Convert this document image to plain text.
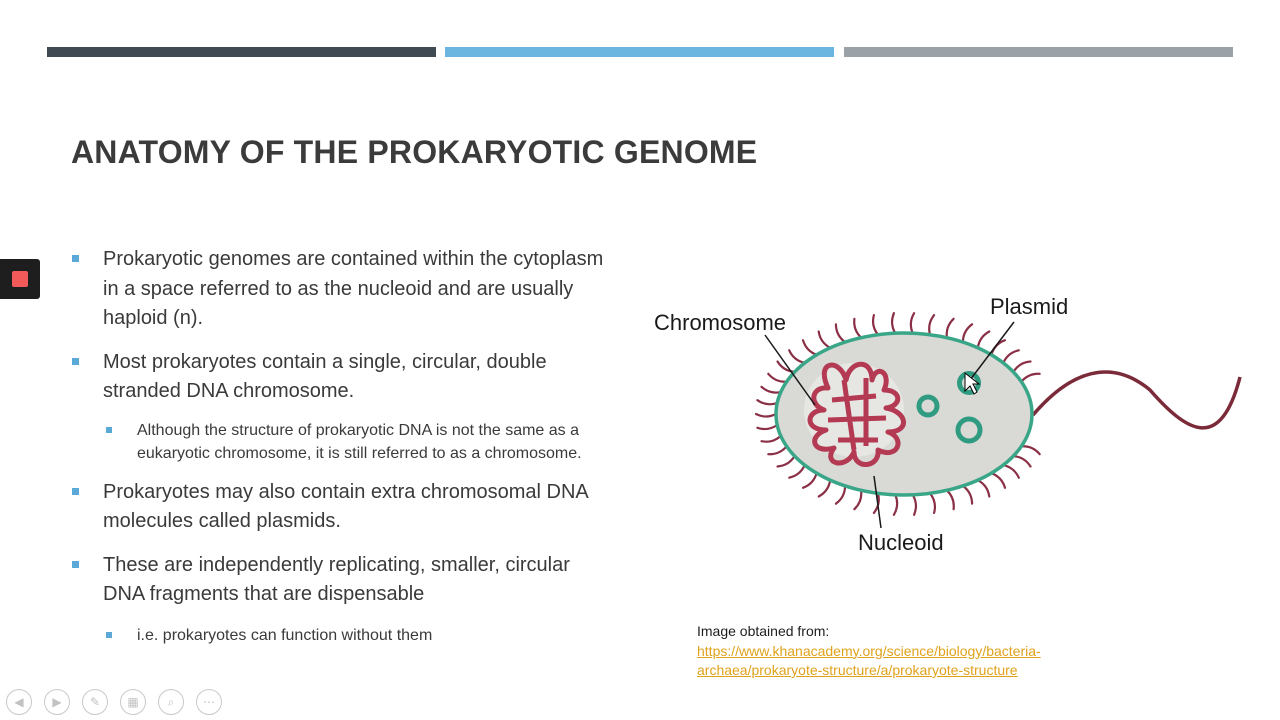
ANATOMY OF THE PROKARYOTIC GENOME
Prokaryotic genomes are contained within the cytoplasm in a space referred to as the nucleoid and are usually haploid (n).
Most prokaryotes contain a single, circular, double stranded DNA chromosome.
Although the structure of prokaryotic DNA is not the same as a eukaryotic chromosome, it is still referred to as a chromosome.
Prokaryotes may also contain extra chromosomal DNA molecules called plasmids.
These are independently replicating, smaller, circular DNA fragments that are dispensable
i.e. prokaryotes can function without them
Chromosome
Plasmid
Nucleoid
Image obtained from:
https://www.khanacademy.org/science/biology/bacteria-
archaea/prokaryote-structure/a/prokaryote-structure
◀ ▶ ✎ ▦ ⌕ ⋯
